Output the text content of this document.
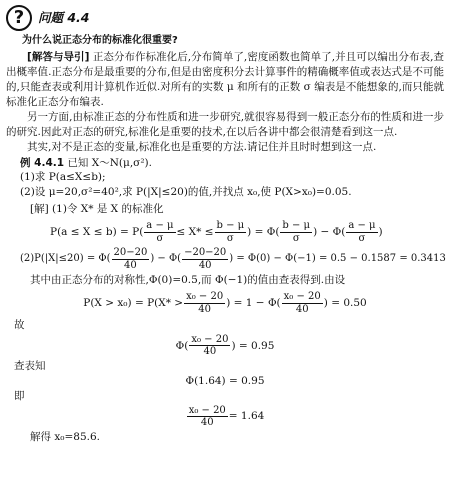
?	问题 4.4
为什么说正态分布的标准化很重要?

[解答与导引] 正态分布作标准化后,分布简单了,密度函数也简单了,并且可以编出分布表,查出概率值.正态分布是最重要的分布,但是由密度积分去计算事件的精确概率值或表达式是不可能的,只能查表或利用计算机作近似.对所有的实数 μ 和所有的正数 σ 编表是不能想象的,而只能就标准化正态分布编表.

另一方面,由标准正态的分布性质和进一步研究,就很容易得到一般正态分布的性质和进一步的研究.因此对正态的研究,标准化是重要的技术,在以后各讲中都会很清楚看到这一点.

其实,对不是正态的变量,标准化也是重要的方法.请记住并且时时想到这一点.

例 4.4.1 已知 X～N(μ,σ²).
(1)求 P(a≤X≤b);
(2)设 μ=20,σ²=40²,求 P(|X|≤20)的值,并找点 x₀,使 P(X>x₀)=0.05.
[解] (1)令 X* 是 X 的标准化
$P(a \le X \le b) = P( \frac{a - \mu}{\sigma} \le X* \le \frac{b - \mu}{\sigma}$ ) = $\Phi( \frac{b - \mu}{\sigma}$ ) − $\Phi( \frac{a - \mu}{\sigma}$ )
$(2)P(|X|\le 20) = \Phi( \frac{20-20}{40}$ ) − $\Phi( \frac{-20-20}{40}$ ) = Φ(0) − Φ(−1) = 0.5 − 0.1587 = 0.3413
其中由正态分布的对称性,Φ(0)=0.5,而 Φ(−1)的值由查表得到.由设
$P(X > x_0) = P(X* > \frac{\text{x₀ − 20}}{40}$ ) = $1 - \Phi( \frac{\text{x₀ − 20}}{40}$ ) = 0.50
故
$\Phi( \frac{\text{x₀ − 20}}{40}$ ) = 0.95
查表知
Φ(1.64) = 0.95
即
$\frac{\text{x₀ − 20}}{40} = 1.64$
解得 x₀=85.6.
